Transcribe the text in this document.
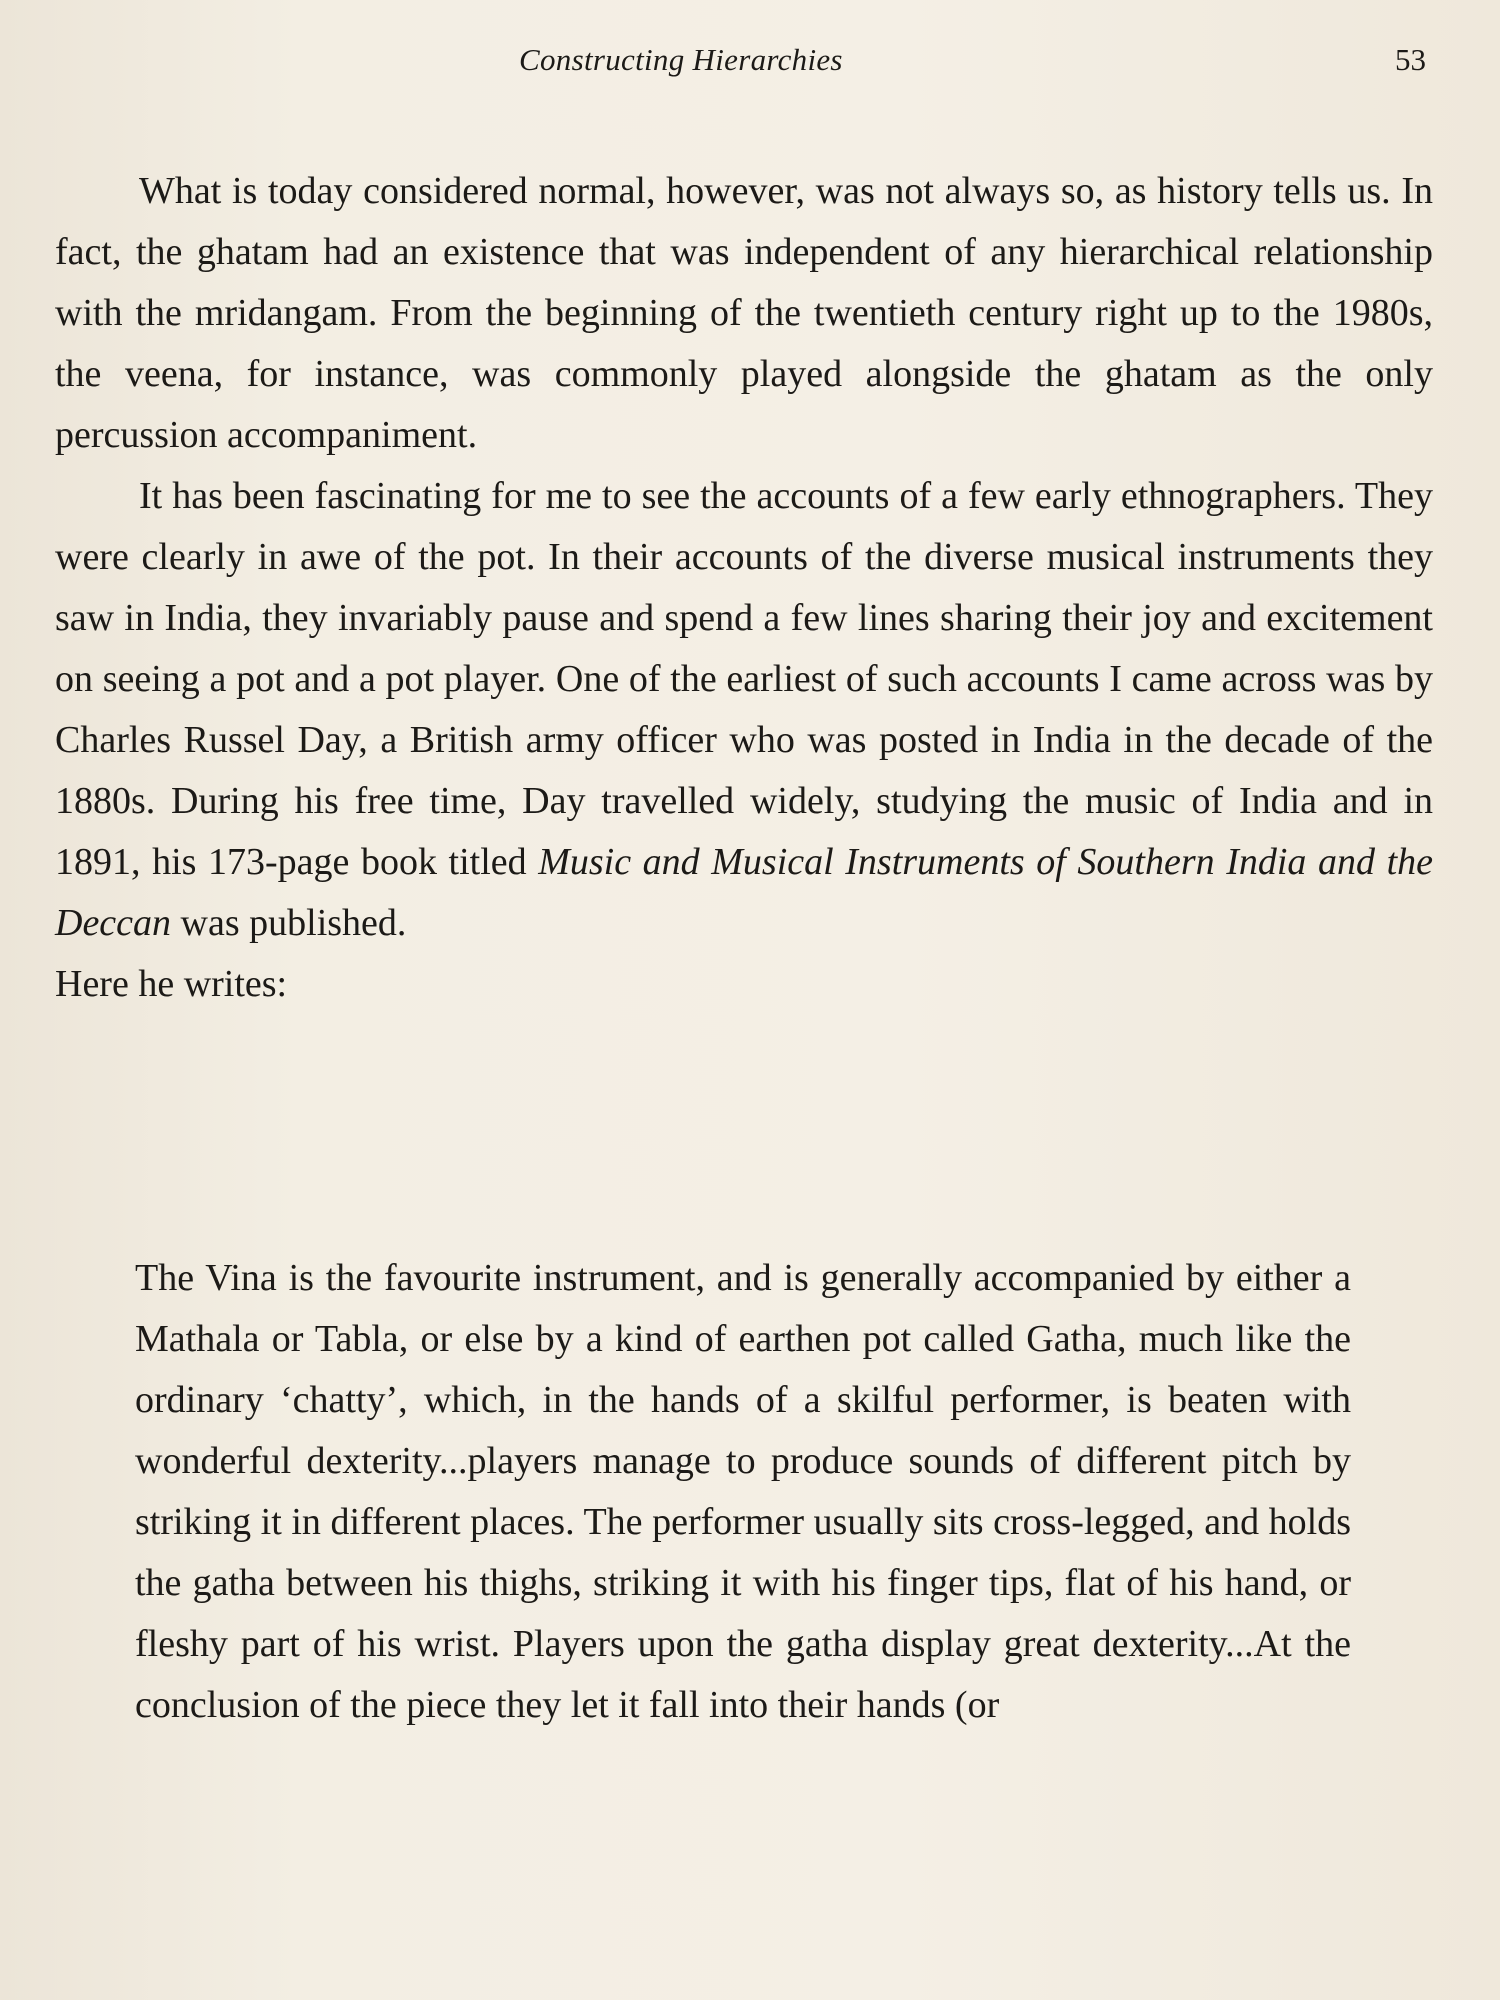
Constructing Hierarchies	53

What is today considered normal, however, was not always so, as history tells us. In fact, the ghatam had an existence that was independent of any hierarchical relationship with the mridangam. From the beginning of the twentieth century right up to the 1980s, the veena, for instance, was commonly played alongside the ghatam as the only percussion accompaniment.

It has been fascinating for me to see the accounts of a few early ethnographers. They were clearly in awe of the pot. In their accounts of the diverse musical instruments they saw in India, they invariably pause and spend a few lines sharing their joy and excitement on seeing a pot and a pot player. One of the earliest of such accounts I came across was by Charles Russel Day, a British army officer who was posted in India in the decade of the 1880s. During his free time, Day travelled widely, studying the music of India and in 1891, his 173-page book titled Music and Musical Instruments of Southern India and the Deccan was published.

Here he writes:

The Vina is the favourite instrument, and is generally accompanied by either a Mathala or Tabla, or else by a kind of earthen pot called Gatha, much like the ordinary ‘chatty’, which, in the hands of a skilful performer, is beaten with wonderful dexterity...players manage to produce sounds of different pitch by striking it in different places. The performer usually sits cross-legged, and holds the gatha between his thighs, striking it with his finger tips, flat of his hand, or fleshy part of his wrist. Players upon the gatha display great dexterity...At the conclusion of the piece they let it fall into their hands (or
